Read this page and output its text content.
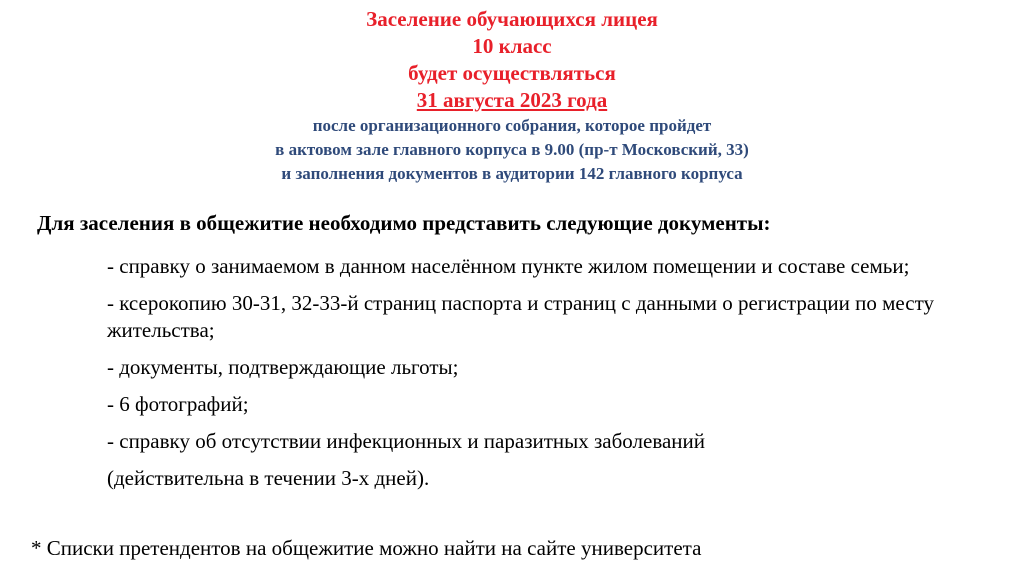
Заселение обучающихся лицея
10 класс
будет осуществляться
31 августа 2023 года
после организационного собрания, которое пройдет
в актовом зале главного корпуса в 9.00 (пр-т Московский, 33)
и заполнения документов в аудитории 142 главного корпуса
Для заселения в общежитие необходимо представить следующие документы:
- справку о занимаемом в данном населённом пункте жилом помещении и составе семьи;
- ксерокопию 30-31, 32-33-й страниц паспорта и страниц с данными о регистрации по месту жительства;
- документы, подтверждающие льготы;
- 6 фотографий;
- справку об отсутствии инфекционных и паразитных заболеваний
(действительна в течении 3-х дней).
* Списки претендентов на общежитие можно найти на сайте университета
